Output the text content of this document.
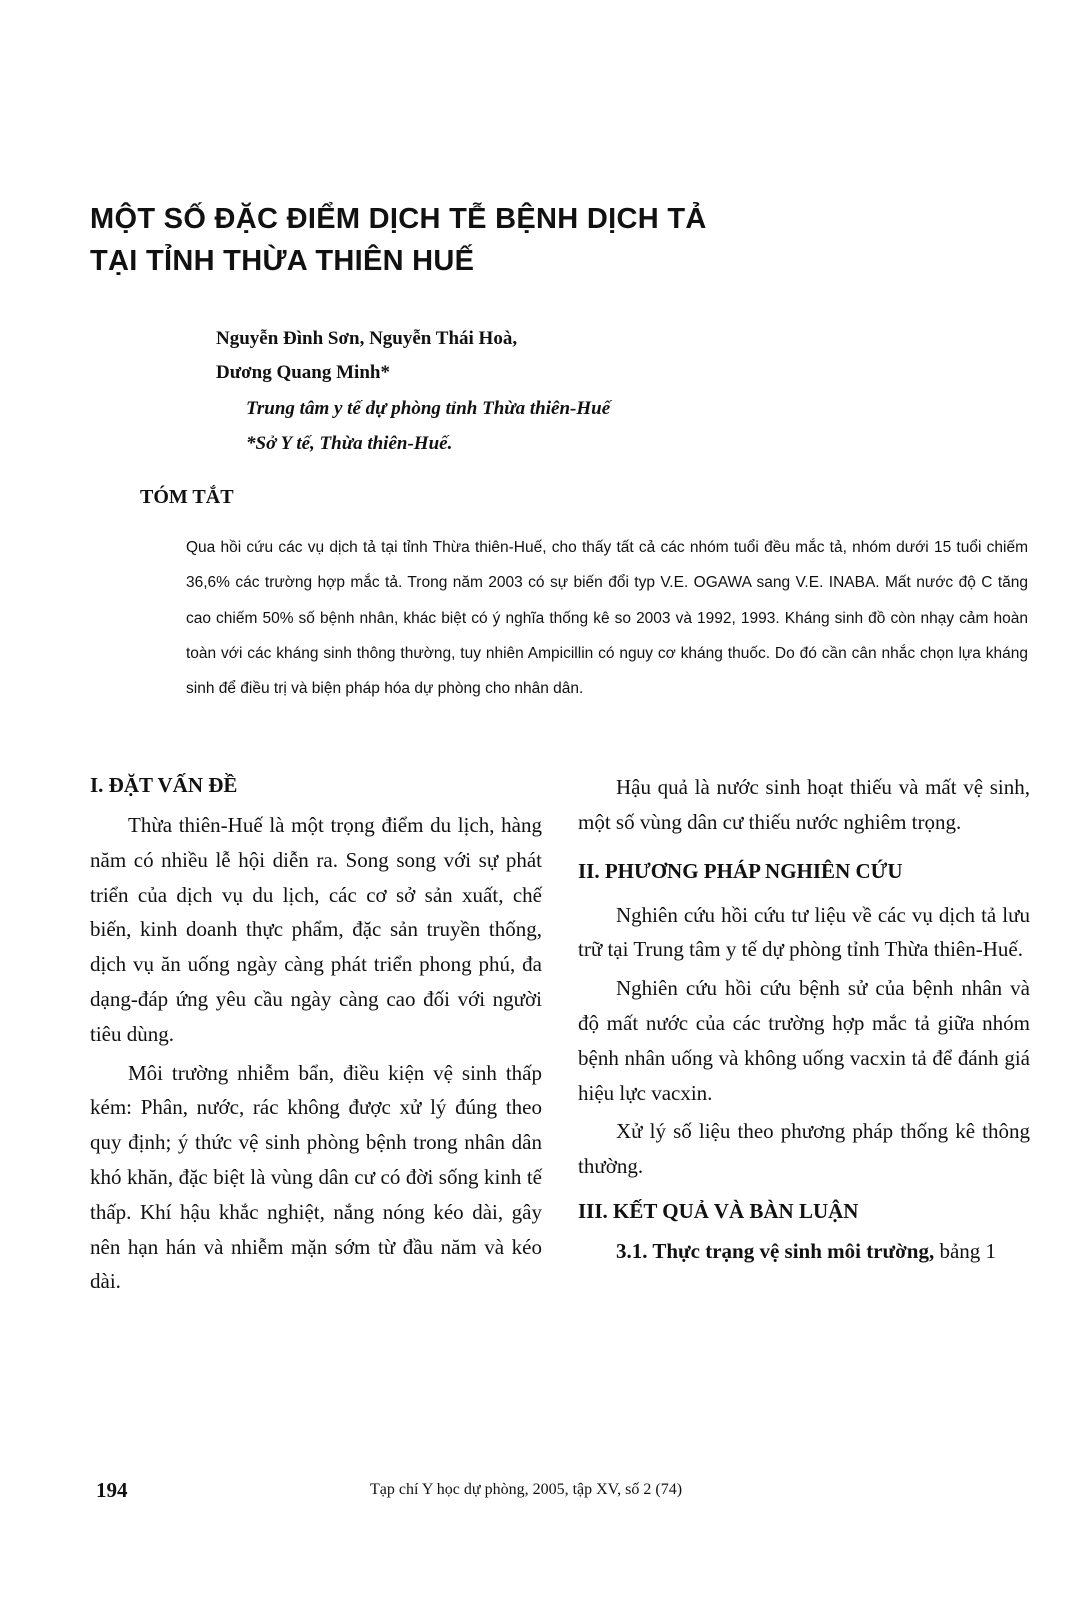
MỘT SỐ ĐẶC ĐIỂM DỊCH TỄ BỆNH DỊCH TẢ
TẠI TỈNH THỪA THIÊN HUẾ
Nguyễn Đình Sơn, Nguyễn Thái Hoà,
Dương Quang Minh*
Trung tâm y tế dự phòng tỉnh Thừa thiên-Huế
*Sở Y tế, Thừa thiên-Huế.
TÓM TẮT
Qua hồi cứu các vụ dịch tả tại tỉnh Thừa thiên-Huế, cho thấy tất cả các nhóm tuổi đều mắc tả, nhóm dưới 15 tuổi chiếm 36,6% các trường hợp mắc tả. Trong năm 2003 có sự biến đổi typ V.E. OGAWA sang V.E. INABA. Mất nước độ C tăng cao chiếm 50% số bệnh nhân, khác biệt có ý nghĩa thống kê so 2003 và 1992, 1993. Kháng sinh đồ còn nhạy cảm hoàn toàn với các kháng sinh thông thường, tuy nhiên Ampicillin có nguy cơ kháng thuốc. Do đó cần cân nhắc chọn lựa kháng sinh để điều trị và biện pháp hóa dự phòng cho nhân dân.
I. ĐẶT VẤN ĐỀ

Thừa thiên-Huế là một trọng điểm du lịch, hàng năm có nhiều lễ hội diễn ra. Song song với sự phát triển của dịch vụ du lịch, các cơ sở sản xuất, chế biến, kinh doanh thực phẩm, đặc sản truyền thống, dịch vụ ăn uống ngày càng phát triển phong phú, đa dạng-đáp ứng yêu cầu ngày càng cao đối với người tiêu dùng.

Môi trường nhiễm bẩn, điều kiện vệ sinh thấp kém: Phân, nước, rác không được xử lý đúng theo quy định; ý thức vệ sinh phòng bệnh trong nhân dân khó khăn, đặc biệt là vùng dân cư có đời sống kinh tế thấp. Khí hậu khắc nghiệt, nắng nóng kéo dài, gây nên hạn hán và nhiễm mặn sớm từ đầu năm và kéo dài.

Hậu quả là nước sinh hoạt thiếu và mất vệ sinh, một số vùng dân cư thiếu nước nghiêm trọng.

II. PHƯƠNG PHÁP NGHIÊN CỨU

Nghiên cứu hồi cứu tư liệu về các vụ dịch tả lưu trữ tại Trung tâm y tế dự phòng tỉnh Thừa thiên-Huế.

Nghiên cứu hồi cứu bệnh sử của bệnh nhân và độ mất nước của các trường hợp mắc tả giữa nhóm bệnh nhân uống và không uống vacxin tả để đánh giá hiệu lực vacxin.

Xử lý số liệu theo phương pháp thống kê thông thường.

III. KẾT QUẢ VÀ BÀN LUẬN

3.1. Thực trạng vệ sinh môi trường, bảng 1

194	Tạp chí Y học dự phòng, 2005, tập XV, số 2 (74)
